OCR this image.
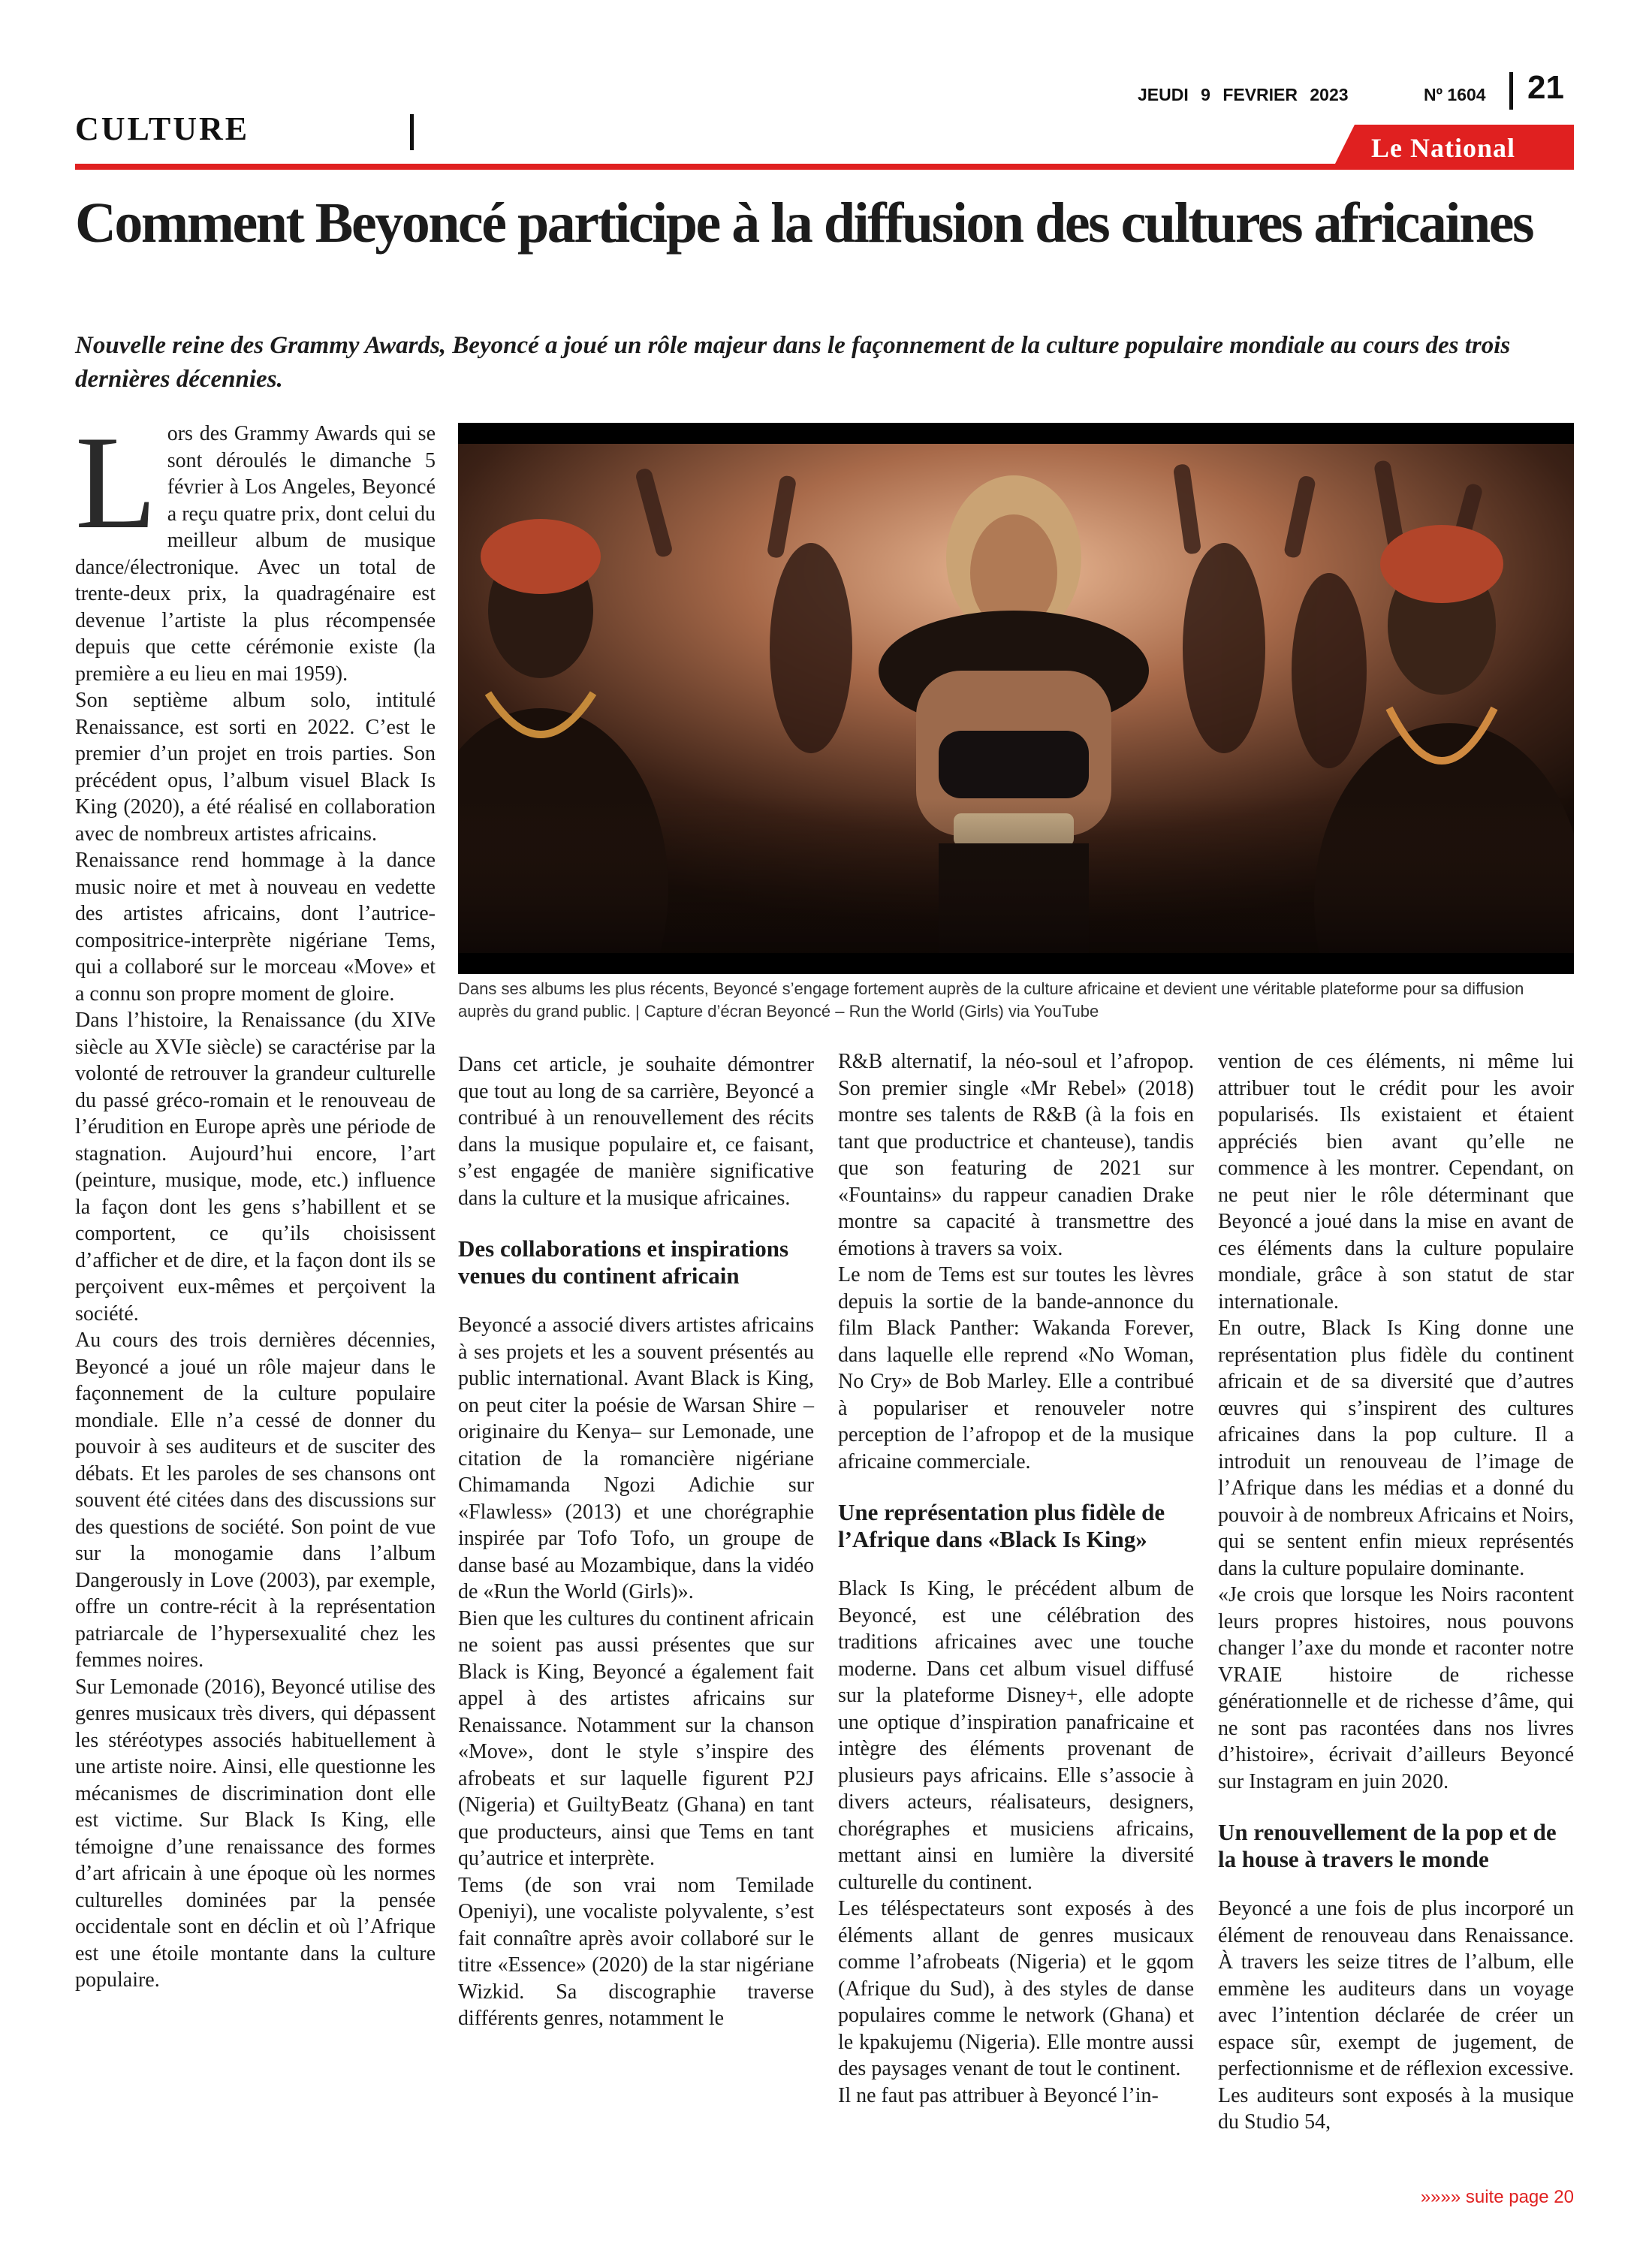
CULTURE
JEUDI 9 FEVRIER 2023	Nº 1604 21
Le National
Comment Beyoncé participe à la diffusion des cultures africaines

Nouvelle reine des Grammy Awards, Beyoncé a joué un rôle majeur dans le façonnement de la culture populaire mondiale au cours des trois dernières décennies.

Lors des Grammy Awards qui se sont déroulés le dimanche 5 février à Los Angeles, Beyoncé a reçu quatre prix, dont celui du meilleur album de musique dance/électronique. Avec un total de trente-deux prix, la quadragénaire est devenue l’artiste la plus récompensée depuis que cette cérémonie existe (la première a eu lieu en mai 1959).

Son septième album solo, intitulé Renaissance, est sorti en 2022. C’est le premier d’un projet en trois parties. Son précédent opus, l’album visuel Black Is King (2020), a été réalisé en collaboration avec de nombreux artistes africains.

Renaissance rend hommage à la dance music noire et met à nouveau en vedette des artistes africains, dont l’autrice-compositrice-interprète nigériane Tems, qui a collaboré sur le morceau «Move» et a connu son propre moment de gloire.

Dans l’histoire, la Renaissance (du XIVe siècle au XVIe siècle) se caractérise par la volonté de retrouver la grandeur culturelle du passé gréco-romain et le renouveau de l’érudition en Europe après une période de stagnation. Aujourd’hui encore, l’art (peinture, musique, mode, etc.) influence la façon dont les gens s’habillent et se comportent, ce qu’ils choisissent d’afficher et de dire, et la façon dont ils se perçoivent eux-mêmes et perçoivent la société.

Au cours des trois dernières décennies, Beyoncé a joué un rôle majeur dans le façonnement de la culture populaire mondiale. Elle n’a cessé de donner du pouvoir à ses auditeurs et de susciter des débats. Et les paroles de ses chansons ont souvent été citées dans des discussions sur des questions de société. Son point de vue sur la monogamie dans l’album Dangerously in Love (2003), par exemple, offre un contre-récit à la représentation patriarcale de l’hypersexualité chez les femmes noires.

Sur Lemonade (2016), Beyoncé utilise des genres musicaux très divers, qui dépassent les stéréotypes associés habituellement à une artiste noire. Ainsi, elle questionne les mécanismes de discrimination dont elle est victime. Sur Black Is King, elle témoigne d’une renaissance des formes d’art africain à une époque où les normes culturelles dominées par la pensée occidentale sont en déclin et où l’Afrique est une étoile montante dans la culture populaire.

Dans ses albums les plus récents, Beyoncé s’engage fortement auprès de la culture africaine et devient une véritable plateforme pour sa diffusion auprès du grand public. | Capture d’écran Beyoncé – Run the World (Girls) via YouTube

Dans cet article, je souhaite démontrer que tout au long de sa carrière, Beyoncé a contribué à un renouvellement des récits dans la musique populaire et, ce faisant, s’est engagée de manière significative dans la culture et la musique africaines.

Des collaborations et inspirations venues du continent africain

Beyoncé a associé divers artistes africains à ses projets et les a souvent présentés au public international. Avant Black is King, on peut citer la poésie de Warsan Shire –originaire du Kenya– sur Lemonade, une citation de la romancière nigériane Chimamanda Ngozi Adichie sur «Flawless» (2013) et une chorégraphie inspirée par Tofo Tofo, un groupe de danse basé au Mozambique, dans la vidéo de «Run the World (Girls)».

Bien que les cultures du continent africain ne soient pas aussi présentes que sur Black is King, Beyoncé a également fait appel à des artistes africains sur Renaissance. Notamment sur la chanson «Move», dont le style s’inspire des afrobeats et sur laquelle figurent P2J (Nigeria) et GuiltyBeatz (Ghana) en tant que producteurs, ainsi que Tems en tant qu’autrice et interprète.

Tems (de son vrai nom Temilade Openiyi), une vocaliste polyvalente, s’est fait connaître après avoir collaboré sur le titre «Essence» (2020) de la star nigériane Wizkid. Sa discographie traverse différents genres, notamment le

R&B alternatif, la néo-soul et l’afropop. Son premier single «Mr Rebel» (2018) montre ses talents de R&B (à la fois en tant que productrice et chanteuse), tandis que son featuring de 2021 sur «Fountains» du rappeur canadien Drake montre sa capacité à transmettre des émotions à travers sa voix.

Le nom de Tems est sur toutes les lèvres depuis la sortie de la bande-annonce du film Black Panther: Wakanda Forever, dans laquelle elle reprend «No Woman, No Cry» de Bob Marley. Elle a contribué à populariser et renouveler notre perception de l’afropop et de la musique africaine commerciale.

Une représentation plus fidèle de l’Afrique dans «Black Is King»

Black Is King, le précédent album de Beyoncé, est une célébration des traditions africaines avec une touche moderne. Dans cet album visuel diffusé sur la plateforme Disney+, elle adopte une optique d’inspiration panafricaine et intègre des éléments provenant de plusieurs pays africains. Elle s’associe à divers acteurs, réalisateurs, designers, chorégraphes et musiciens africains, mettant ainsi en lumière la diversité culturelle du continent.

Les téléspectateurs sont exposés à des éléments allant de genres musicaux comme l’afrobeats (Nigeria) et le gqom (Afrique du Sud), à des styles de danse populaires comme le network (Ghana) et le kpakujemu (Nigeria). Elle montre aussi des paysages venant de tout le continent.

Il ne faut pas attribuer à Beyoncé l’in-

vention de ces éléments, ni même lui attribuer tout le crédit pour les avoir popularisés. Ils existaient et étaient appréciés bien avant qu’elle ne commence à les montrer. Cependant, on ne peut nier le rôle déterminant que Beyoncé a joué dans la mise en avant de ces éléments dans la culture populaire mondiale, grâce à son statut de star internationale.

En outre, Black Is King donne une représentation plus fidèle du continent africain et de sa diversité que d’autres œuvres qui s’inspirent des cultures africaines dans la pop culture. Il a introduit un renouveau de l’image de l’Afrique dans les médias et a donné du pouvoir à de nombreux Africains et Noirs, qui se sentent enfin mieux représentés dans la culture populaire dominante.

«Je crois que lorsque les Noirs racontent leurs propres histoires, nous pouvons changer l’axe du monde et raconter notre VRAIE histoire de richesse générationnelle et de richesse d’âme, qui ne sont pas racontées dans nos livres d’histoire», écrivait d’ailleurs Beyoncé sur Instagram en juin 2020.

Un renouvellement de la pop et de la house à travers le monde

Beyoncé a une fois de plus incorporé un élément de renouveau dans Renaissance. À travers les seize titres de l’album, elle emmène les auditeurs dans un voyage avec l’intention déclarée de créer un espace sûr, exempt de jugement, de perfectionnisme et de réflexion excessive. Les auditeurs sont exposés à la musique du Studio 54,

»»»» suite page 20
